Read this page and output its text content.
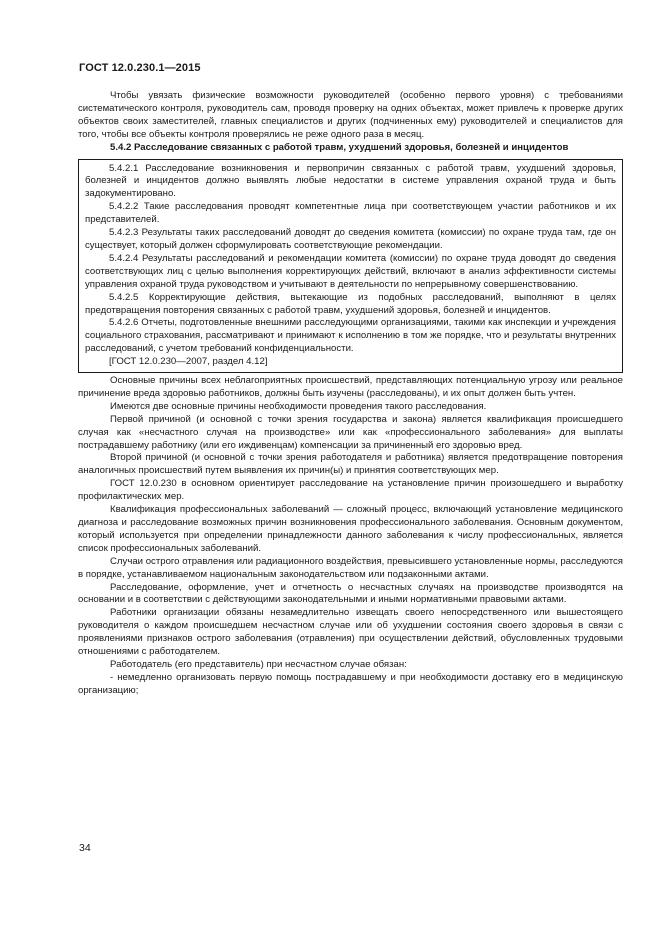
ГОСТ 12.0.230.1—2015

Чтобы увязать физические возможности руководителей (особенно первого уровня) с требованиями систематического контроля, руководитель сам, проводя проверку на одних объектах, может привлечь к проверке других объектов своих заместителей, главных специалистов и других (подчиненных ему) руководителей и специалистов для того, чтобы все объекты контроля проверялись не реже одного раза в месяц.

5.4.2 Расследование связанных с работой травм, ухудшений здоровья, болезней и инцидентов

5.4.2.1 Расследование возникновения и первопричин связанных с работой травм, ухудшений здоровья, болезней и инцидентов должно выявлять любые недостатки в системе управления охраной труда и быть задокументировано.

5.4.2.2 Такие расследования проводят компетентные лица при соответствующем участии работников и их представителей.

5.4.2.3 Результаты таких расследований доводят до сведения комитета (комиссии) по охране труда там, где он существует, который должен сформулировать соответствующие рекомендации.

5.4.2.4 Результаты расследований и рекомендации комитета (комиссии) по охране труда доводят до сведения соответствующих лиц с целью выполнения корректирующих действий, включают в анализ эффективности системы управления охраной труда руководством и учитывают в деятельности по непрерывному совершенствованию.

5.4.2.5 Корректирующие действия, вытекающие из подобных расследований, выполняют в целях предотвращения повторения связанных с работой травм, ухудшений здоровья, болезней и инцидентов.

5.4.2.6 Отчеты, подготовленные внешними расследующими организациями, такими как инспекции и учреждения социального страхования, рассматривают и принимают к исполнению в том же порядке, что и результаты внутренних расследований, с учетом требований конфиденциальности.

[ГОСТ 12.0.230—2007, раздел 4.12]

Основные причины всех неблагоприятных происшествий, представляющих потенциальную угрозу или реальное причинение вреда здоровью работников, должны быть изучены (расследованы), и их опыт должен быть учтен.

Имеются две основные причины необходимости проведения такого расследования.

Первой причиной (и основной с точки зрения государства и закона) является квалификация происшедшего случая как «несчастного случая на производстве» или как «профессионального заболевания» для выплаты пострадавшему работнику (или его иждивенцам) компенсации за причиненный его здоровью вред.

Второй причиной (и основной с точки зрения работодателя и работника) является предотвращение повторения аналогичных происшествий путем выявления их причин(ы) и принятия соответствующих мер.

ГОСТ 12.0.230 в основном ориентирует расследование на установление причин произошедшего и выработку профилактических мер.

Квалификация профессиональных заболеваний — сложный процесс, включающий установление медицинского диагноза и расследование возможных причин возникновения профессионального заболевания. Основным документом, который используется при определении принадлежности данного заболевания к числу профессиональных, является список профессиональных заболеваний.

Случаи острого отравления или радиационного воздействия, превысившего установленные нормы, расследуются в порядке, устанавливаемом национальным законодательством или подзаконными актами.

Расследование, оформление, учет и отчетность о несчастных случаях на производстве производятся на основании и в соответствии с действующими законодательными и иными нормативными правовыми актами.

Работники организации обязаны незамедлительно извещать своего непосредственного или вышестоящего руководителя о каждом происшедшем несчастном случае или об ухудшении состояния своего здоровья в связи с проявлениями признаков острого заболевания (отравления) при осуществлении действий, обусловленных трудовыми отношениями с работодателем.

Работодатель (его представитель) при несчастном случае обязан:

- немедленно организовать первую помощь пострадавшему и при необходимости доставку его в медицинскую организацию;

34
